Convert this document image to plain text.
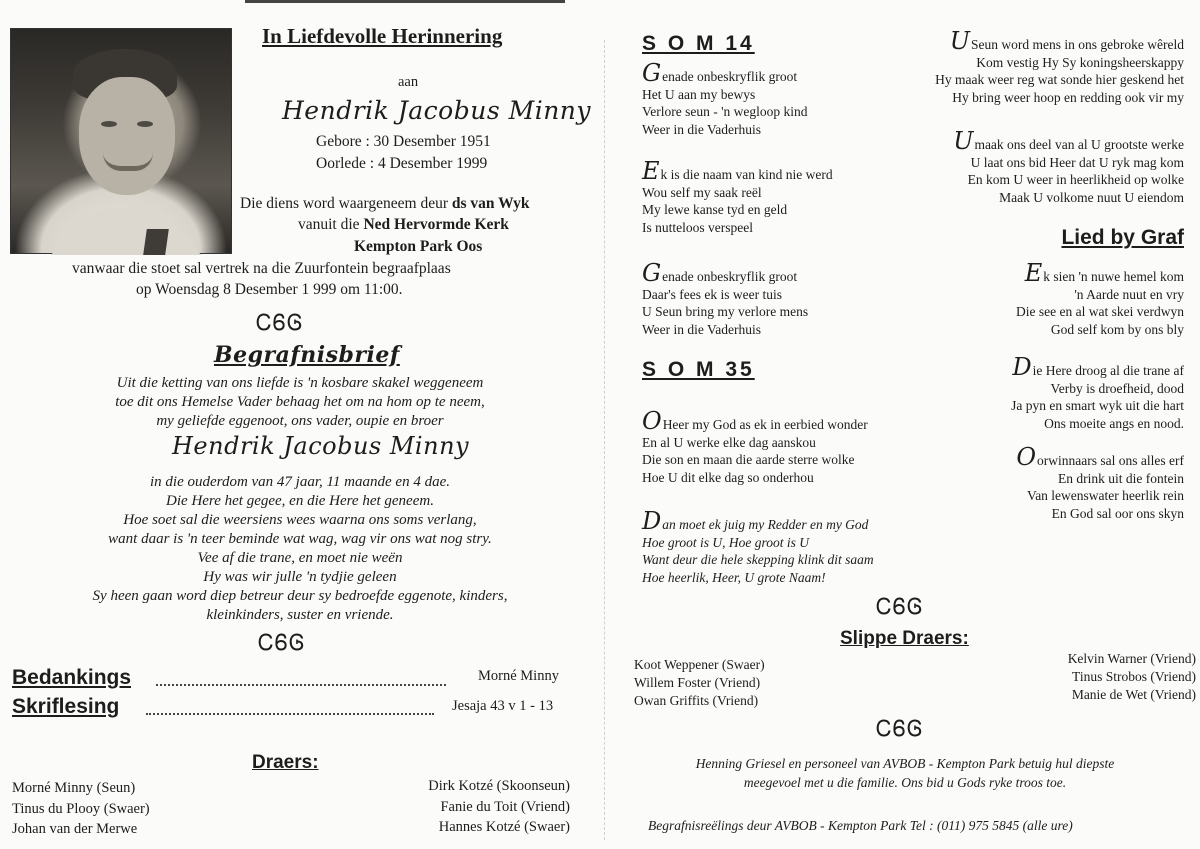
In Liefdevolle Herinnering
aan
Hendrik Jacobus Minny
Gebore : 30 Desember 1951
Oorlede : 4 Desember 1999
Die diens word waargeneem deur ds van Wyk
vanuit die Ned Hervormde Kerk
Kempton Park Oos
vanwaar die stoet sal vertrek na die Zuurfontein begraafplaas
op Woensdag 8 Desember 1 999 om 11:00.
ᏟᏮᎶ
Begrafnisbrief
Uit die ketting van ons liefde is 'n kosbare skakel weggeneem
toe dit ons Hemelse Vader behaag het om na hom op te neem,
my geliefde eggenoot, ons vader, oupie en broer
Hendrik Jacobus Minny
in die ouderdom van 47 jaar, 11 maande en 4 dae.
Die Here het gegee, en die Here het geneem.
Hoe soet sal die weersiens wees waarna ons soms verlang,
want daar is 'n teer beminde wat wag, wag vir ons wat nog stry.
Vee af die trane, en moet nie weën
Hy was wir julle 'n tydjie geleen
Sy heen gaan word diep betreur deur sy bedroefde eggenote, kinders,
kleinkinders, suster en vriende.
ᏟᏮᎶ
Bedankings	Morné Minny
Skriflesing	Jesaja 43 v 1 - 13
Draers:
Morné Minny (Seun)
Tinus du Plooy (Swaer)
Johan van der Merwe
Dirk Kotzé (Skoonseun)
Fanie du Toit (Vriend)
Hannes Kotzé (Swaer)
S O M 14
Genade onbeskryflik groot
Het U aan my bewys
Verlore seun - 'n wegloop kind
Weer in die Vaderhuis
Ek is die naam van kind nie werd
Wou self my saak reël
My lewe kanse tyd en geld
Is nutteloos verspeel
Genade onbeskryflik groot
Daar's fees ek is weer tuis
U Seun bring my verlore mens
Weer in die Vaderhuis
S O M 35
OHeer my God as ek in eerbied wonder
En al U werke elke dag aanskou
Die son en maan die aarde sterre wolke
Hoe U dit elke dag so onderhou
Dan moet ek juig my Redder en my God
Hoe groot is U, Hoe groot is U
Want deur die hele skepping klink dit saam
Hoe heerlik, Heer, U grote Naam!
USeun word mens in ons gebroke wêreld
Kom vestig Hy Sy koningsheerskappy
Hy maak weer reg wat sonde hier geskend het
Hy bring weer hoop en redding ook vir my
Umaak ons deel van al U grootste werke
U laat ons bid Heer dat U ryk mag kom
En kom U weer in heerlikheid op wolke
Maak U volkome nuut U eiendom
Lied by Graf
Ek sien 'n nuwe hemel kom
'n Aarde nuut en vry
Die see en al wat skei verdwyn
God self kom by ons bly
Die Here droog al die trane af
Verby is droefheid, dood
Ja pyn en smart wyk uit die hart
Ons moeite angs en nood.
Oorwinnaars sal ons alles erf
En drink uit die fontein
Van lewenswater heerlik rein
En God sal oor ons skyn
ᏟᏮᎶ
Slippe Draers:
Koot Weppener (Swaer)
Willem Foster (Vriend)
Owan Griffits (Vriend)
Kelvin Warner (Vriend)
Tinus Strobos (Vriend)
Manie de Wet (Vriend)
ᏟᏮᎶ
Henning Griesel en personeel van AVBOB - Kempton Park betuig hul diepste
meegevoel met u die familie. Ons bid u Gods ryke troos toe.
Begrafnisreëlings deur AVBOB - Kempton Park Tel : (011) 975 5845 (alle ure)
